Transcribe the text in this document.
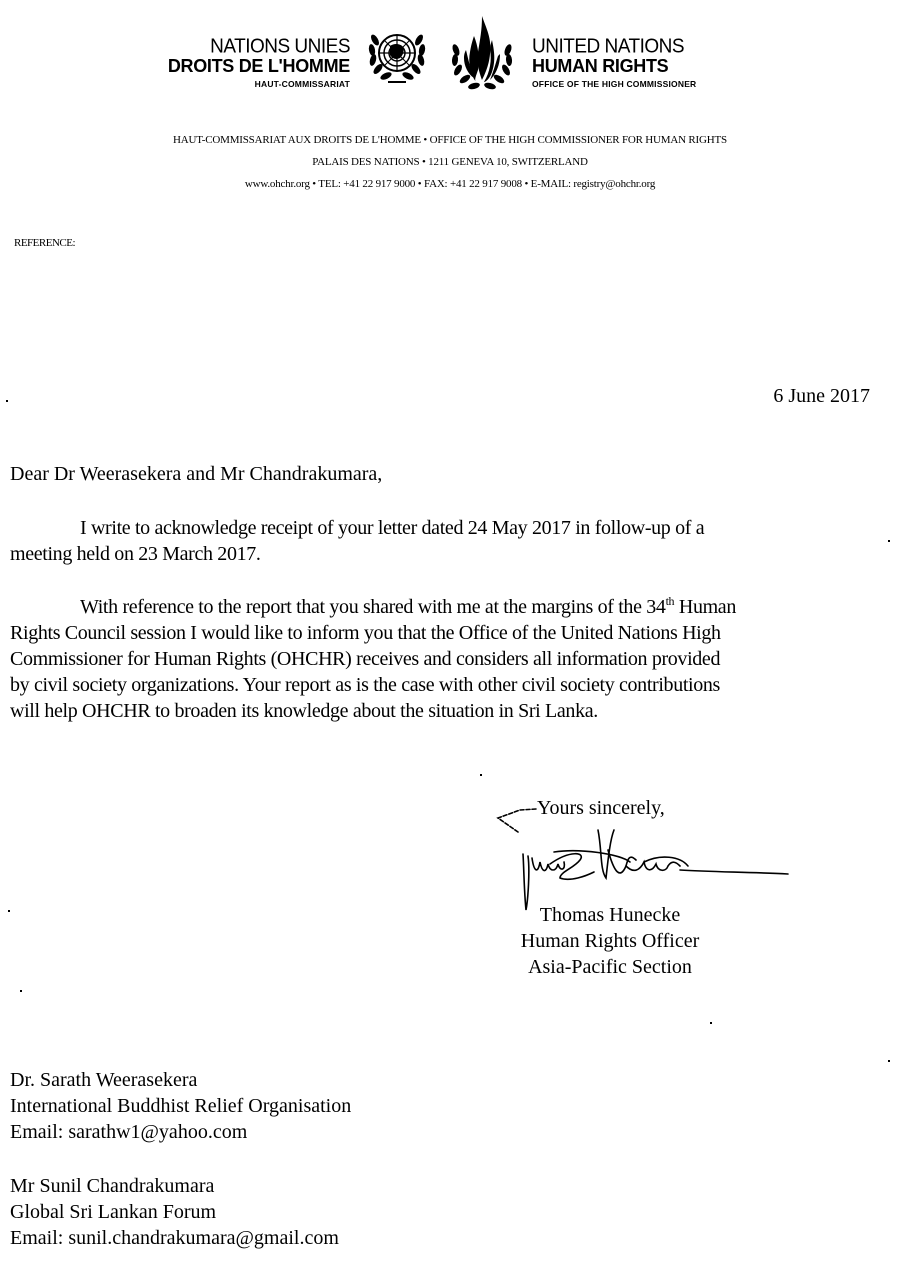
NATIONS UNIES
DROITS DE L'HOMME
HAUT-COMMISSARIAT
UNITED NATIONS
HUMAN RIGHTS
OFFICE OF THE HIGH COMMISSIONER
HAUT-COMMISSARIAT AUX DROITS DE L'HOMME • OFFICE OF THE HIGH COMMISSIONER FOR HUMAN RIGHTS
PALAIS DES NATIONS • 1211 GENEVA 10, SWITZERLAND
www.ohchr.org • TEL: +41 22 917 9000 • FAX: +41 22 917 9008 • E-MAIL: registry@ohchr.org
REFERENCE:
6 June 2017
Dear Dr Weerasekera and Mr Chandrakumara,
I write to acknowledge receipt of your letter dated 24 May 2017 in follow-up of a
meeting held on 23 March 2017.
With reference to the report that you shared with me at the margins of the 34th Human
Rights Council session I would like to inform you that the Office of the United Nations High
Commissioner for Human Rights (OHCHR) receives and considers all information provided
by civil society organizations. Your report as is the case with other civil society contributions
will help OHCHR to broaden its knowledge about the situation in Sri Lanka.
Yours sincerely,
Thomas Hunecke
Human Rights Officer
Asia-Pacific Section
Dr. Sarath Weerasekera
International Buddhist Relief Organisation
Email: sarathw1@yahoo.com
Mr Sunil Chandrakumara
Global Sri Lankan Forum
Email: sunil.chandrakumara@gmail.com
